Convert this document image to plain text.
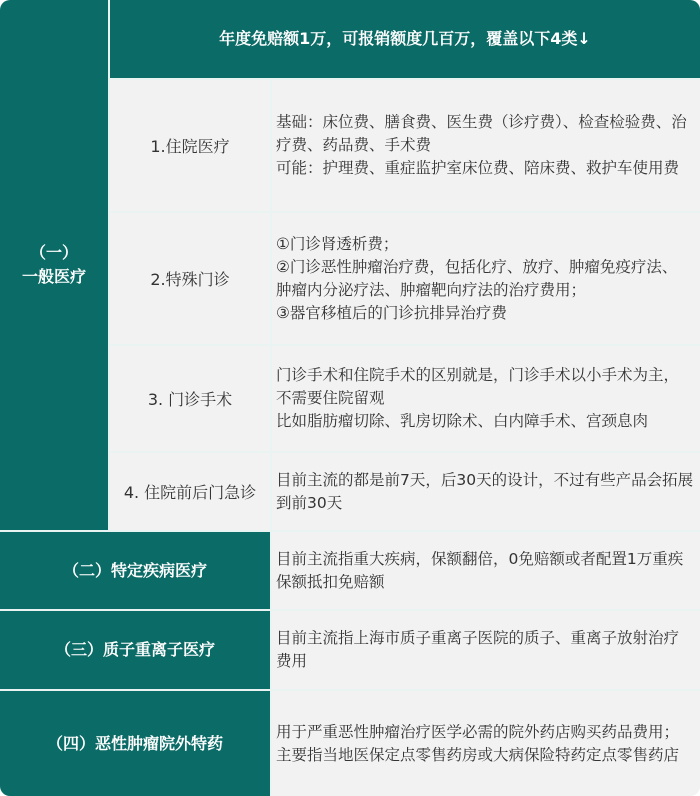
（一）
一般医疗
年度免赔额1万，可报销额度几百万，覆盖以下4类↓
1.住院医疗
基础：床位费、膳食费、医生费（诊疗费）、检查检验费、治疗费、药品费、手术费
可能：护理费、重症监护室床位费、陪床费、救护车使用费
2.特殊门诊
①门诊肾透析费；
②门诊恶性肿瘤治疗费，包括化疗、放疗、肿瘤免疫疗法、 肿瘤内分泌疗法、肿瘤靶向疗法的治疗费用；
③器官移植后的门诊抗排异治疗费
3. 门诊手术
门诊手术和住院手术的区别就是，门诊手术以小手术为主，不需要住院留观
比如脂肪瘤切除、乳房切除术、白内障手术、宫颈息肉
4. 住院前后门急诊
目前主流的都是前7天，后30天的设计，不过有些产品会拓展到前30天
（二）特定疾病医疗
目前主流指重大疾病，保额翻倍，0免赔额或者配置1万重疾保额抵扣免赔额
（三）质子重离子医疗
目前主流指上海市质子重离子医院的质子、重离子放射治疗费用
（四）恶性肿瘤院外特药
用于严重恶性肿瘤治疗医学必需的院外药店购买药品费用；主要指当地医保定点零售药房或大病保险特药定点零售药店
